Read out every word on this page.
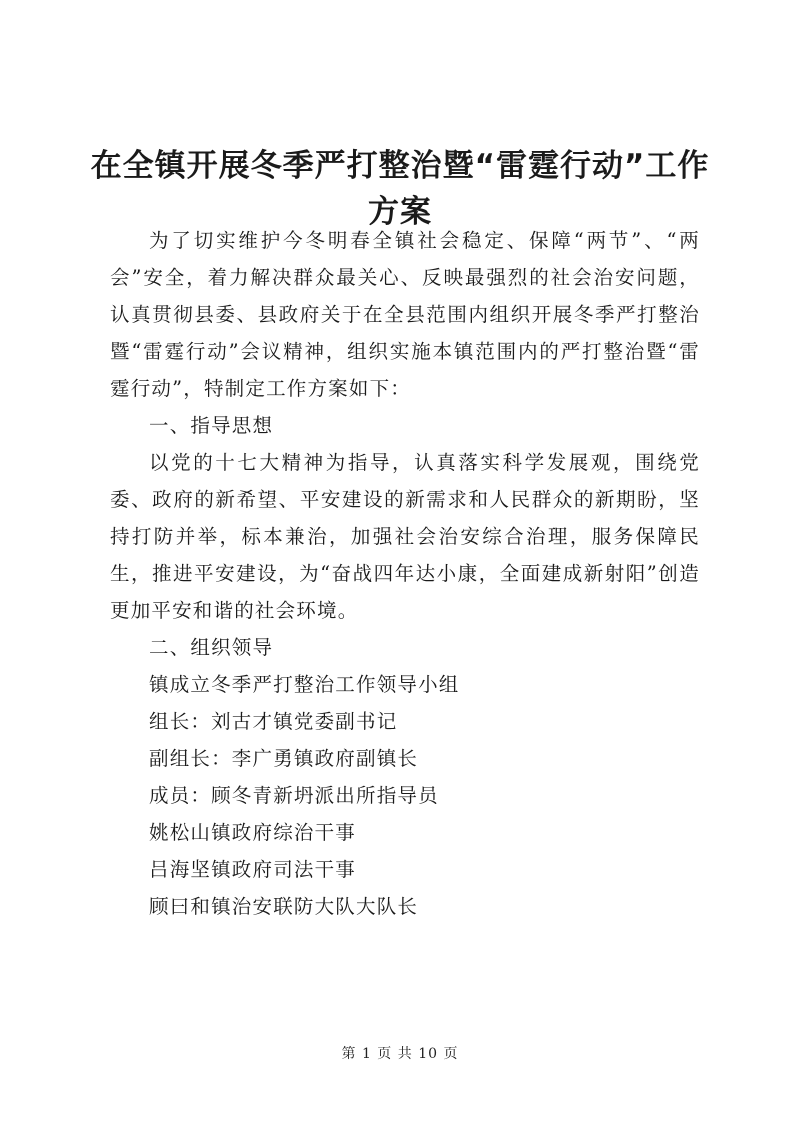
在全镇开展冬季严打整治暨“雷霆行动”工作
方案

为了切实维护今冬明春全镇社会稳定、保障“两节”、“两会”安全，着力解决群众最关心、反映最强烈的社会治安问题，认真贯彻县委、县政府关于在全县范围内组织开展冬季严打整治暨“雷霆行动”会议精神，组织实施本镇范围内的严打整治暨“雷霆行动”，特制定工作方案如下：

一、指导思想

以党的十七大精神为指导，认真落实科学发展观，围绕党委、政府的新希望、平安建设的新需求和人民群众的新期盼，坚持打防并举，标本兼治，加强社会治安综合治理，服务保障民生，推进平安建设，为“奋战四年达小康，全面建成新射阳”创造更加平安和谐的社会环境。

二、组织领导

镇成立冬季严打整治工作领导小组

组长：刘古才镇党委副书记

副组长：李广勇镇政府副镇长

成员：顾冬青新坍派出所指导员

姚松山镇政府综治干事

吕海坚镇政府司法干事

顾曰和镇治安联防大队大队长

第 1 页 共 10 页
